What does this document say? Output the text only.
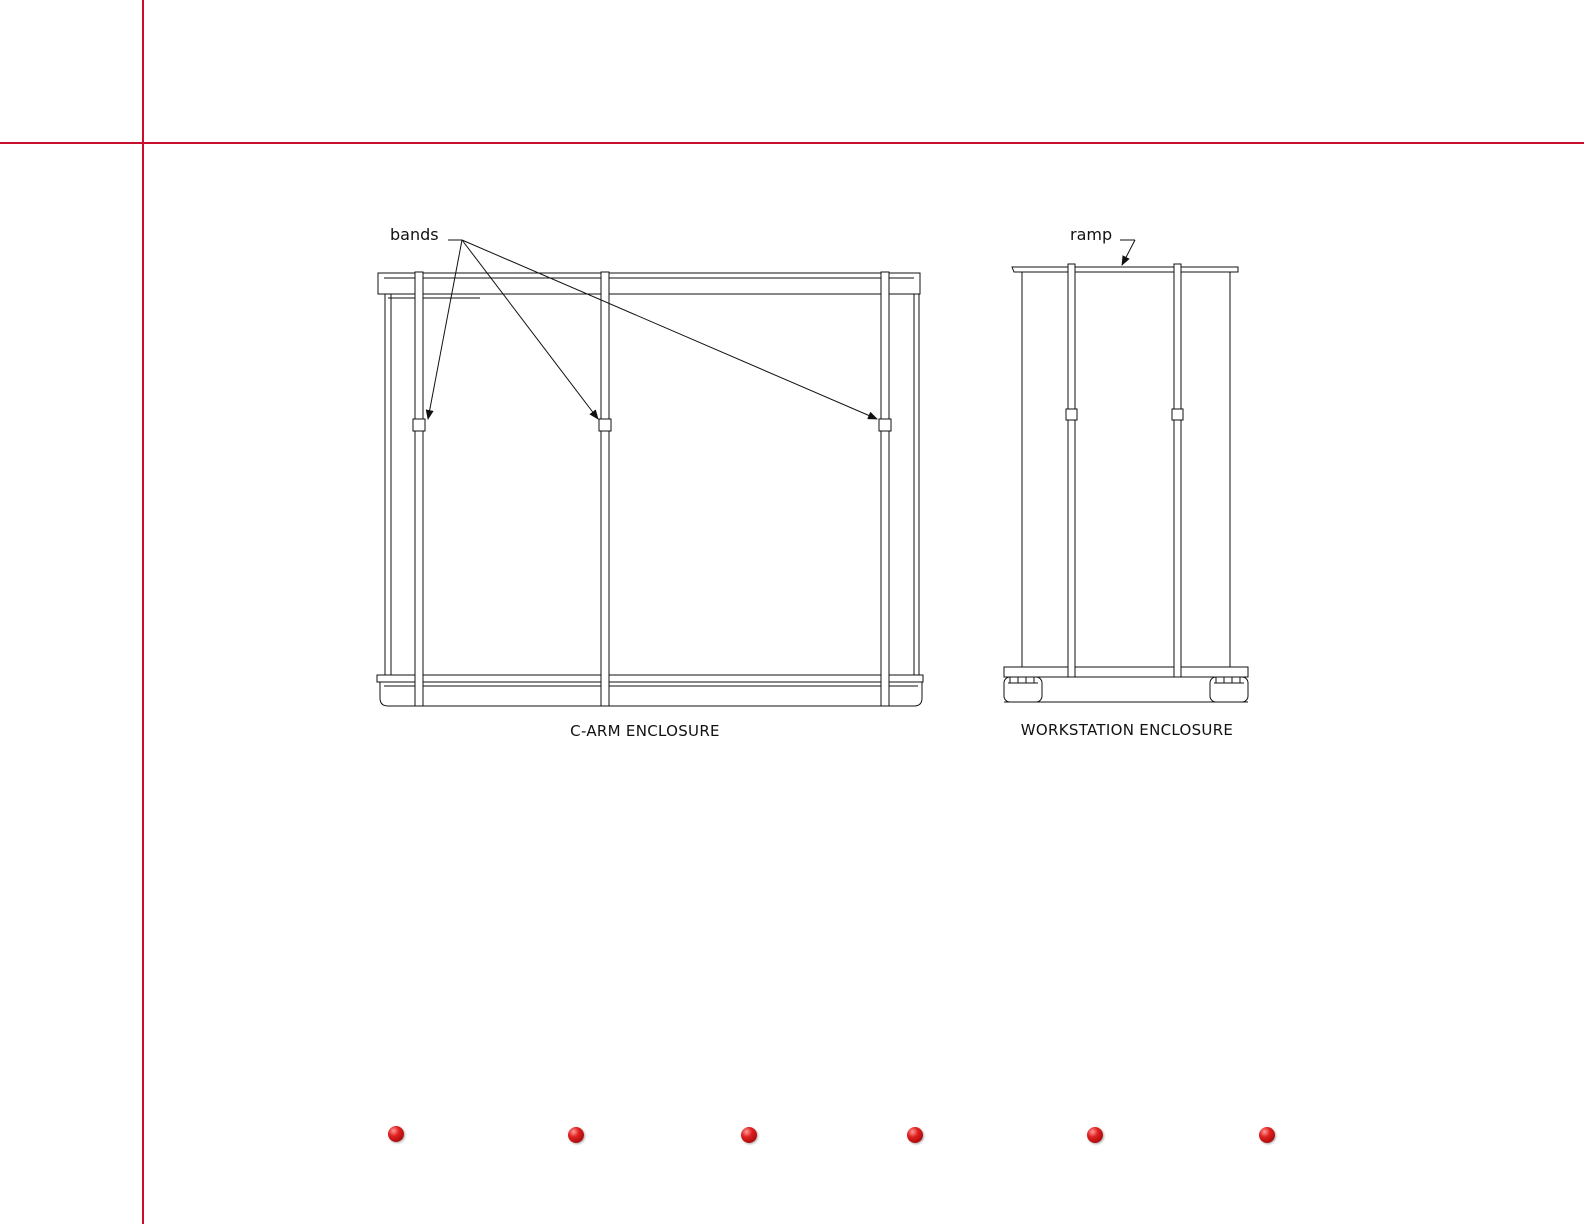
bands
C-ARM ENCLOSURE
ramp
WORKSTATION ENCLOSURE
